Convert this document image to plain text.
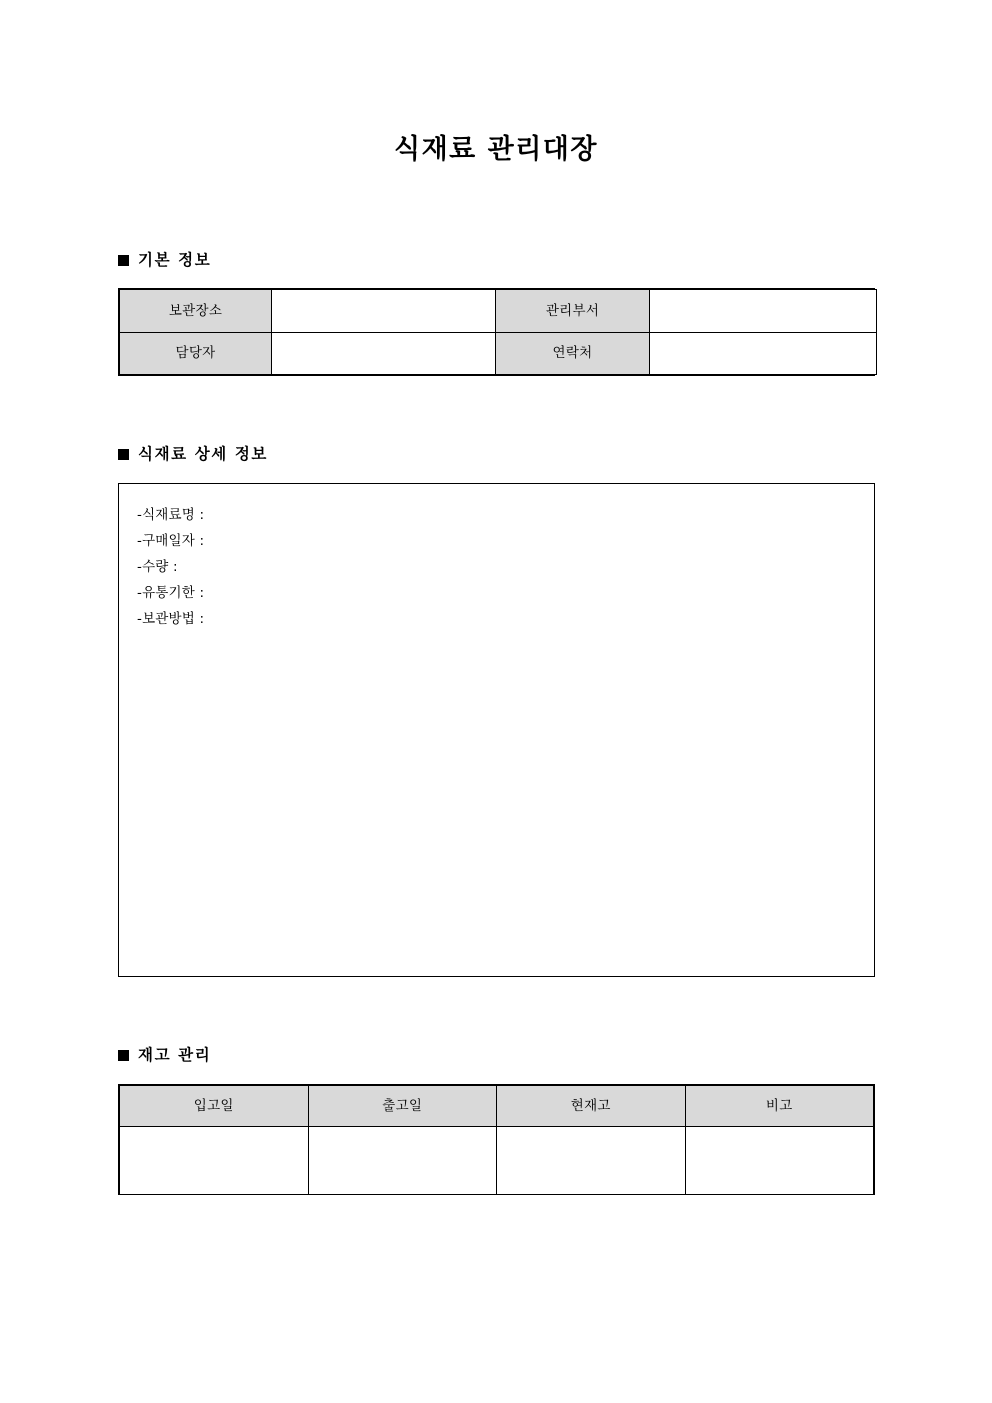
식재료 관리대장
기본 정보
보관장소		관리부서	
담당자		연락처	
식재료 상세 정보
-식재료명 :
-구매일자 :
-수량 :
-유통기한 :
-보관방법 :
재고 관리
입고일	출고일	현재고	비고
